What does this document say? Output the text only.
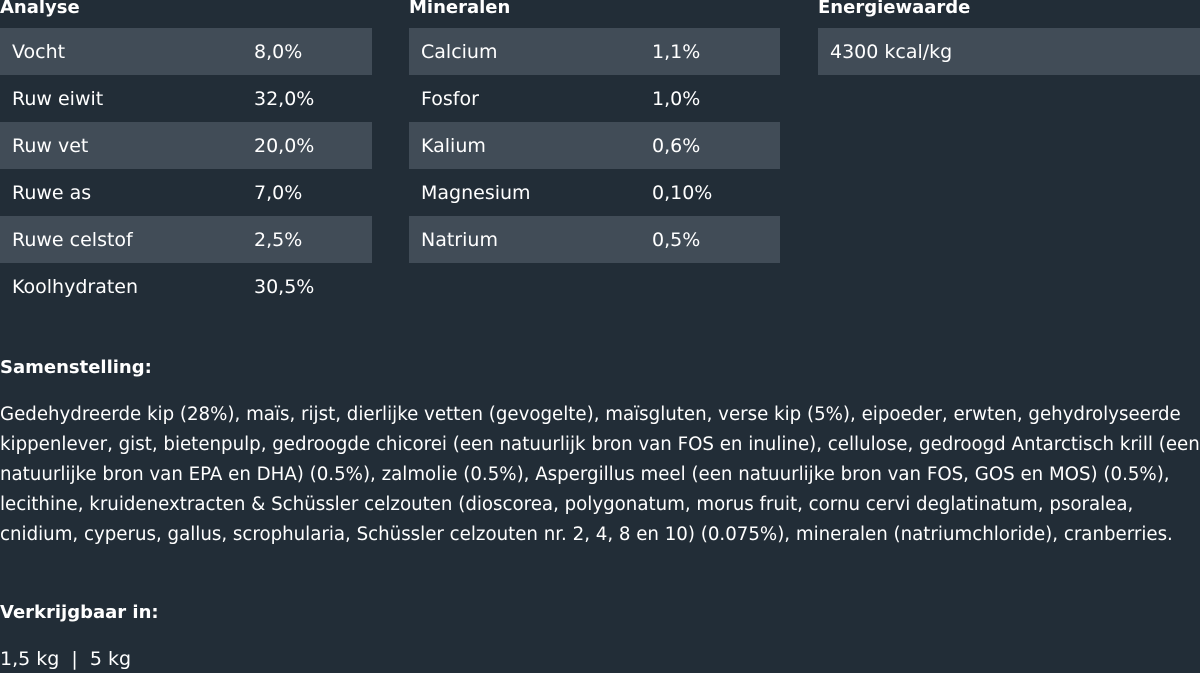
Analyse
Vocht	8,0%
Ruw eiwit	32,0%
Ruw vet	20,0%
Ruwe as	7,0%
Ruwe celstof	2,5%
Koolhydraten	30,5%
Mineralen
Calcium	1,1%
Fosfor	1,0%
Kalium	0,6%
Magnesium	0,10%
Natrium	0,5%
Energiewaarde
4300 kcal/kg
Samenstelling:

Gedehydreerde kip (28%), maïs, rijst, dierlijke vetten (gevogelte), maïsgluten, verse kip (5%), eipoeder, erwten, gehydrolyseerde
kippenlever, gist, bietenpulp, gedroogde chicorei (een natuurlijk bron van FOS en inuline), cellulose, gedroogd Antarctisch krill (een
natuurlijke bron van EPA en DHA) (0.5%), zalmolie (0.5%), Aspergillus meel (een natuurlijke bron van FOS, GOS en MOS) (0.5%),
lecithine, kruidenextracten & Schüssler celzouten (dioscorea, polygonatum, morus fruit, cornu cervi deglatinatum, psoralea,
cnidium, cyperus, gallus, scrophularia, Schüssler celzouten nr. 2, 4, 8 en 10) (0.075%), mineralen (natriumchloride), cranberries.

Verkrijgbaar in:
1,5 kg  |  5 kg
